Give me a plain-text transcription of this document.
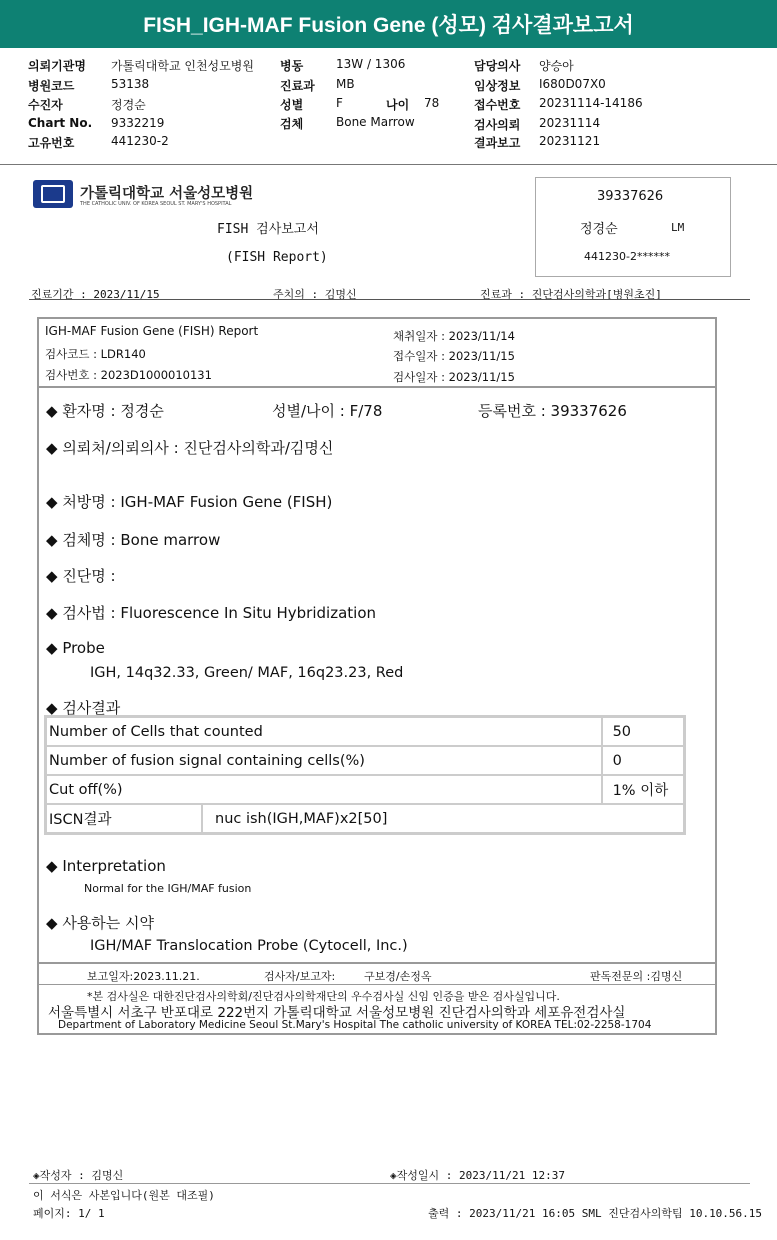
FISH_IGH-MAF Fusion Gene (성모) 검사결과보고서
의뢰기관명 가톨릭대학교 인천성모병원
병원코드	53138
수진자	정경순
Chart No. 9332219
고유번호	441230-2
병동	13W / 1306
진료과 MB
성별	F	나이 78
검체	Bone Marrow
담당의사 양승아
임상정보 I680D07X0
접수번호 20231114-14186
검사의뢰 20231114
결과보고 20231121
가톨릭대학교 서울성모병원
THE CATHOLIC UNIV. OF KOREA SEOUL ST. MARY'S HOSPITAL
FISH 검사보고서
(FISH Report)
39337626
정경순	LM
441230-2******
진료기간 : 2023/11/15	주치의 : 김명신	진료과 : 진단검사의학과[병원초진]
IGH-MAF Fusion Gene (FISH) Report
검사코드 : LDR140
검사번호 : 2023D1000010131
채취일자 : 2023/11/14
접수일자 : 2023/11/15
검사일자 : 2023/11/15
◆ 환자명 : 정경순	성별/나이 : F/78	등록번호 : 39337626
◆ 의뢰처/의뢰의사 : 진단검사의학과/김명신
◆ 처방명 : IGH-MAF Fusion Gene (FISH)
◆ 검체명 : Bone marrow
◆ 진단명 :
◆ 검사법 : Fluorescence In Situ Hybridization
◆ Probe
IGH, 14q32.33, Green/ MAF, 16q23.23, Red
◆ 검사결과
Number of Cells that counted		50
Number of fusion signal containing cells(%)		0
Cut off(%)		1% 이하
ISCN결과	nuc ish(IGH,MAF)x2[50]	
◆ Interpretation
Normal for the IGH/MAF fusion
◆ 사용하는 시약
IGH/MAF Translocation Probe (Cytocell, Inc.)
보고일자:2023.11.21.	검사자/보고자:	구보경/손정옥	판독전문의 :김명신
*본 검사실은 대한진단검사의학회/진단검사의학재단의 우수검사실 신임 인증을 받은 검사실입니다.
서울특별시 서초구 반포대로 222번지 가톨릭대학교 서울성모병원 진단검사의학과 세포유전검사실
Department of Laboratory Medicine Seoul St.Mary's Hospital The catholic university of KOREA TEL:02-2258-1704
◈작성자 : 김명신	◈작성일시 : 2023/11/21 12:37
이 서식은 사본입니다(원본 대조필)
페이지: 1/ 1	출력 : 2023/11/21 16:05 SML 진단검사의학팀 10.10.56.15
